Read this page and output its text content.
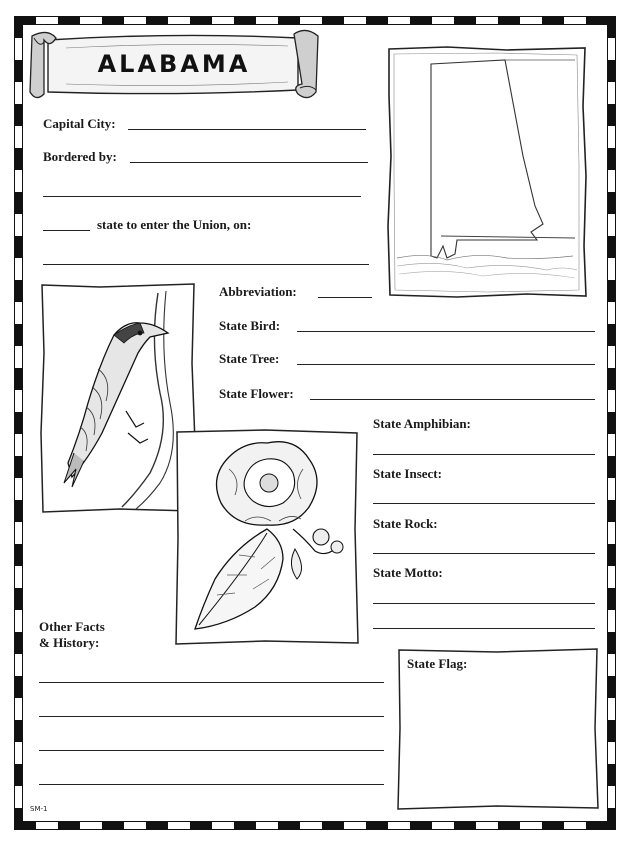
ALABAMA
Capital City:
Bordered by:
state to enter the Union, on:
Abbreviation:
State Bird:
State Tree:
State Flower:
State Amphibian:
State Insect:
State Rock:
State Motto:
Other Facts
& History:
State Flag:
SM-1
